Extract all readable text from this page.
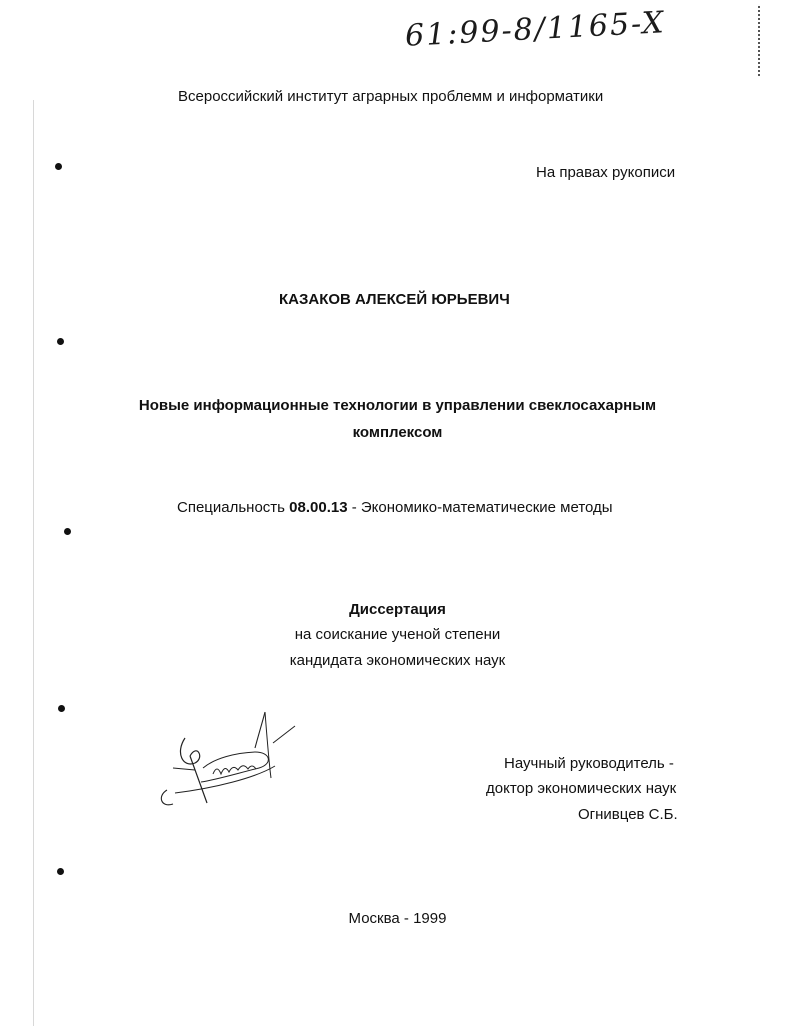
61:99-8/1165-X
Всероссийский институт аграрных проблемм и информатики
На правах рукописи
КАЗАКОВ АЛЕКСЕЙ ЮРЬЕВИЧ
Новые информационные технологии в управлении свеклосахарным
комплексом
Специальность 08.00.13 - Экономико-математические методы
Диссертация
на соискание ученой степени
кандидата экономических наук
Научный руководитель -
доктор экономических наук
Огнивцев С.Б.
Москва - 1999
